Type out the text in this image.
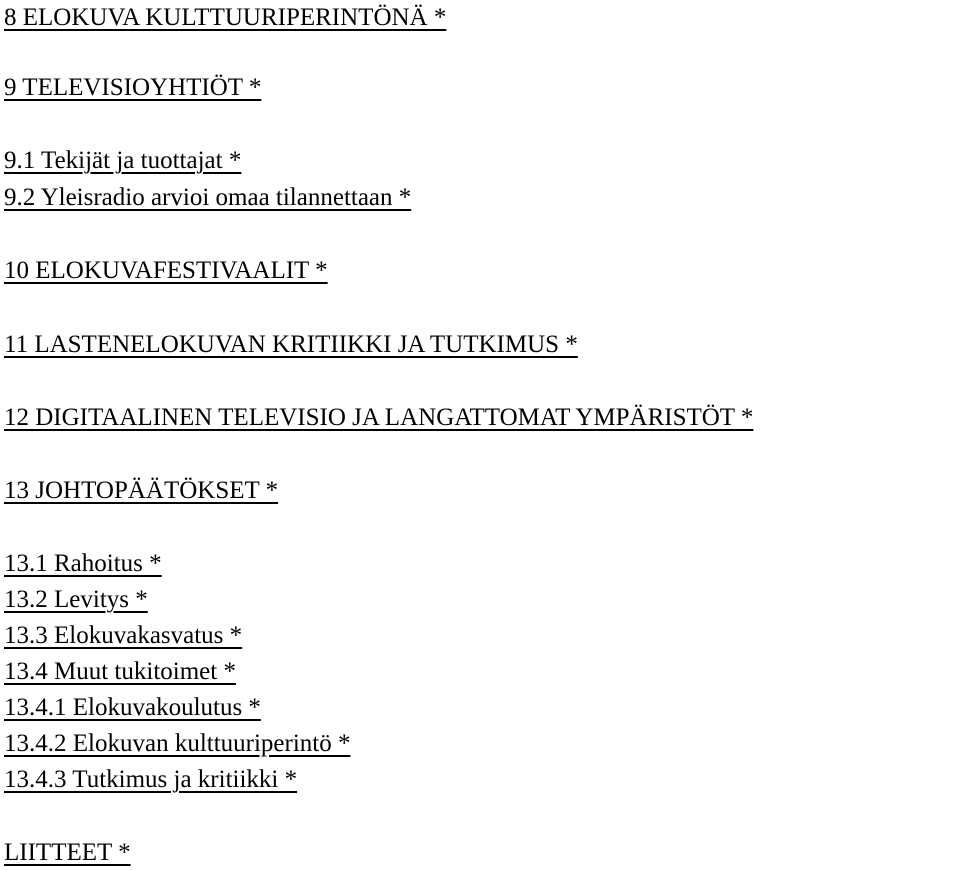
8 ELOKUVA KULTTUURIPERINTÖNÄ *

9 TELEVISIOYHTIÖT *

9.1 Tekijät ja tuottajat *

9.2 Yleisradio arvioi omaa tilannettaan *

10 ELOKUVAFESTIVAALIT *

11 LASTENELOKUVAN KRITIIKKI JA TUTKIMUS *

12 DIGITAALINEN TELEVISIO JA LANGATTOMAT YMPÄRISTÖT *

13 JOHTOPÄÄTÖKSET *

13.1 Rahoitus *

13.2 Levitys *

13.3 Elokuvakasvatus *

13.4 Muut tukitoimet *

13.4.1 Elokuvakoulutus *

13.4.2 Elokuvan kulttuuriperintö *

13.4.3 Tutkimus ja kritiikki *

LIITTEET *
